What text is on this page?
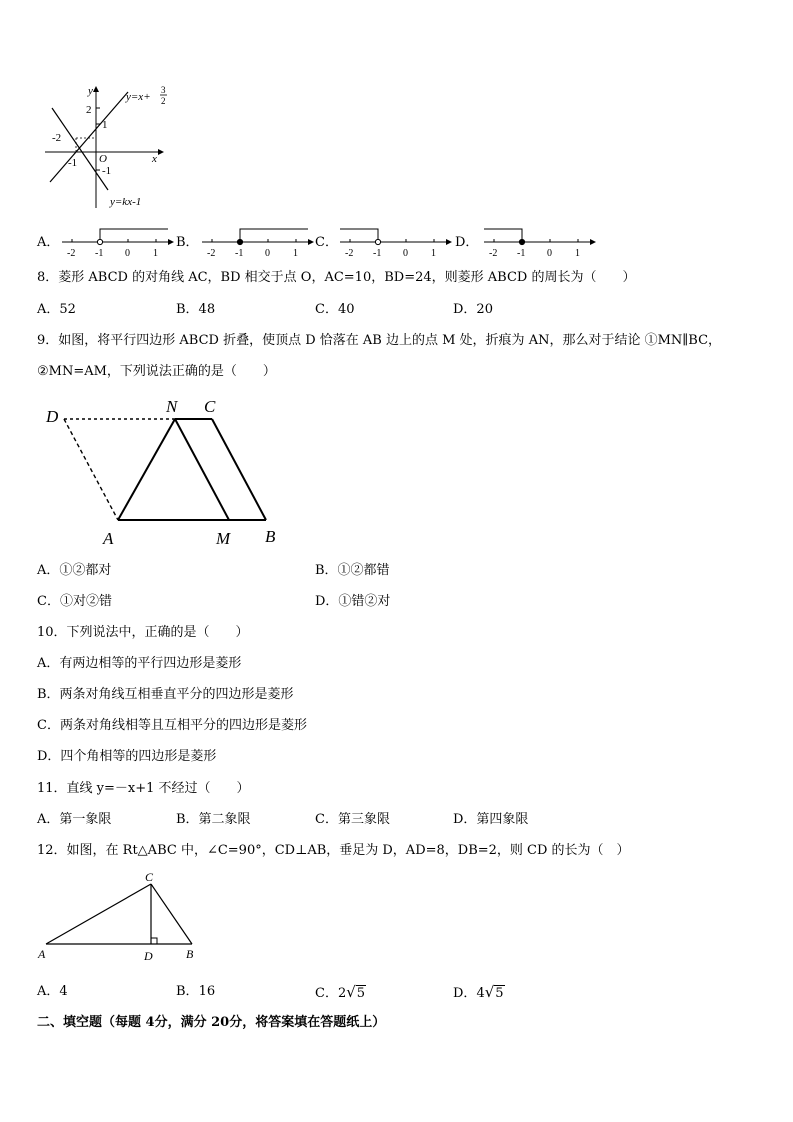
y
x
O
2
1
-1
-2
-1
y=x+
3
2
y=kx-1
A．
-2 -1 0 1
B．
-2 -1 0 1
C．
-2 -1 0 1
D．
-2 -1 0 1
8．菱形 ABCD 的对角线 AC，BD 相交于点 O，AC=10，BD=24，则菱形 ABCD 的周长为（　　）
A．52	B．48	C．40	D．20
9．如图，将平行四边形 ABCD 折叠，使顶点 D 恰落在 AB 边上的点 M 处，折痕为 AN，那么对于结论 ①MN∥BC，
②MN=AM，下列说法正确的是（　　）
D
N C
A	M B
A．①②都对	B．①②都错
C．①对②错	D．①错②对
10．下列说法中，正确的是（　　）
A．有两边相等的平行四边形是菱形
B．两条对角线互相垂直平分的四边形是菱形
C．两条对角线相等且互相平分的四边形是菱形
D．四个角相等的四边形是菱形
11．直线 y=－x+1 不经过（　　）
A．第一象限	B．第二象限	C．第三象限	D．第四象限
12．如图，在 Rt△ABC 中，∠C=90°，CD⊥AB，垂足为 D，AD=8，DB=2，则 CD 的长为（　）
C
A	D	B
A．4	B．16	C．2√5	D．4√5
二、填空题（每题 4分，满分 20分，将答案填在答题纸上）
